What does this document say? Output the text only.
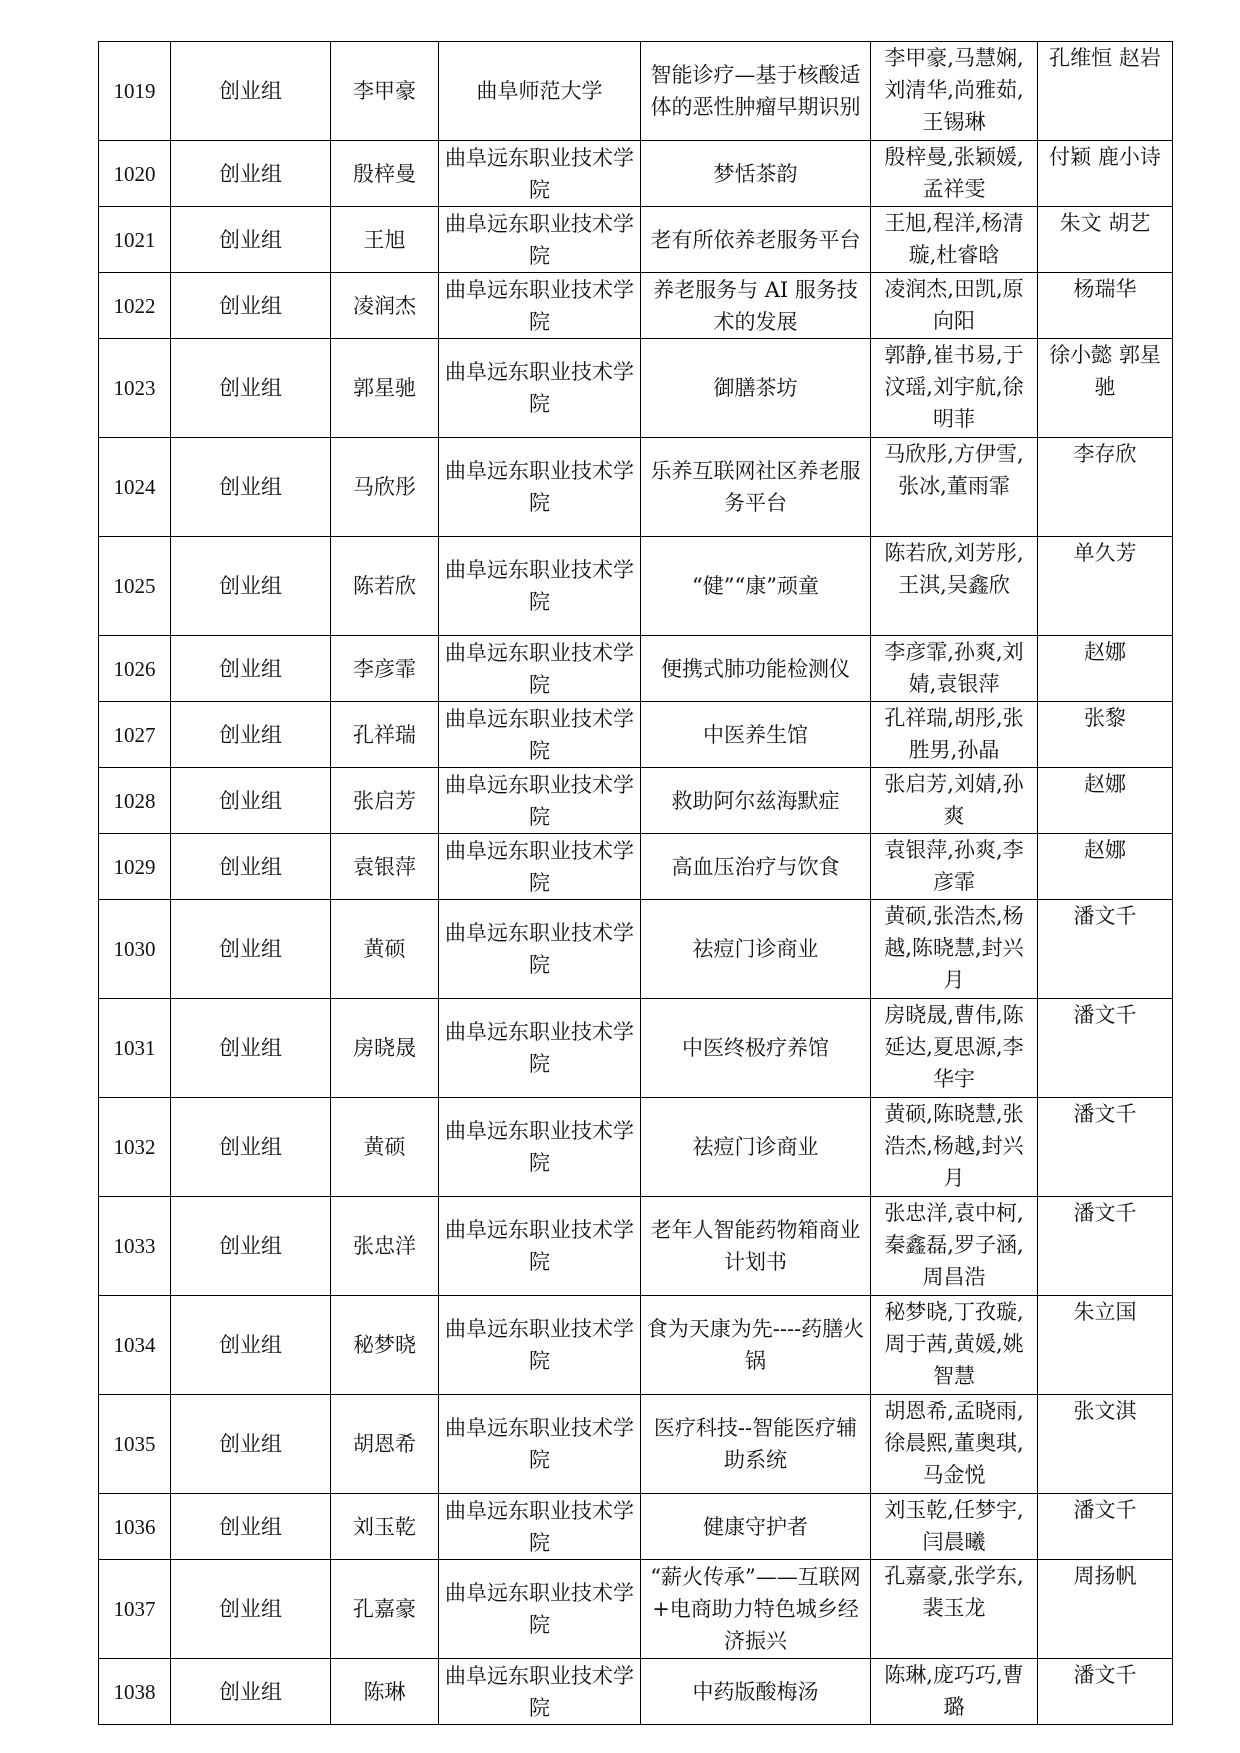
1019	创业组	李甲豪	曲阜师范大学	智能诊疗—基于核酸适体的恶性肿瘤早期识别	李甲豪,马慧娴,刘清华,尚雅茹,王锡琳	孔维恒 赵岩
1020	创业组	殷梓曼	曲阜远东职业技术学院	梦恬茶韵	殷梓曼,张颖媛,孟祥雯	付颖 鹿小诗
1021	创业组	王旭	曲阜远东职业技术学院	老有所依养老服务平台	王旭,程洋,杨清璇,杜睿晗	朱文 胡艺
1022	创业组	凌润杰	曲阜远东职业技术学院	养老服务与 AI 服务技术的发展	凌润杰,田凯,原向阳	杨瑞华
1023	创业组	郭星驰	曲阜远东职业技术学院	御膳茶坊	郭静,崔书易,于汶瑶,刘宇航,徐明菲	徐小懿 郭星驰
1024	创业组	马欣彤	曲阜远东职业技术学院	乐养互联网社区养老服务平台	马欣彤,方伊雪,张冰,董雨霏	李存欣
1025	创业组	陈若欣	曲阜远东职业技术学院	“健”“康”顽童	陈若欣,刘芳彤,王淇,吴鑫欣	单久芳
1026	创业组	李彦霏	曲阜远东职业技术学院	便携式肺功能检测仪	李彦霏,孙爽,刘婧,袁银萍	赵娜
1027	创业组	孔祥瑞	曲阜远东职业技术学院	中医养生馆	孔祥瑞,胡彤,张胜男,孙晶	张黎
1028	创业组	张启芳	曲阜远东职业技术学院	救助阿尔兹海默症	张启芳,刘婧,孙爽	赵娜
1029	创业组	袁银萍	曲阜远东职业技术学院	高血压治疗与饮食	袁银萍,孙爽,李彦霏	赵娜
1030	创业组	黄硕	曲阜远东职业技术学院	祛痘门诊商业	黄硕,张浩杰,杨越,陈晓慧,封兴月	潘文千
1031	创业组	房晓晟	曲阜远东职业技术学院	中医终极疗养馆	房晓晟,曹伟,陈延达,夏思源,李华宇	潘文千
1032	创业组	黄硕	曲阜远东职业技术学院	祛痘门诊商业	黄硕,陈晓慧,张浩杰,杨越,封兴月	潘文千
1033	创业组	张忠洋	曲阜远东职业技术学院	老年人智能药物箱商业计划书	张忠洋,袁中柯,秦鑫磊,罗子涵,周昌浩	潘文千
1034	创业组	秘梦晓	曲阜远东职业技术学院	食为天康为先----药膳火锅	秘梦晓,丁孜璇,周于茜,黄媛,姚智慧	朱立国
1035	创业组	胡恩希	曲阜远东职业技术学院	医疗科技--智能医疗辅助系统	胡恩希,孟晓雨,徐晨熙,董奥琪,马金悦	张文淇
1036	创业组	刘玉乾	曲阜远东职业技术学院	健康守护者	刘玉乾,任梦宇,闫晨曦	潘文千
1037	创业组	孔嘉豪	曲阜远东职业技术学院	“薪火传承”——互联网+电商助力特色城乡经济振兴	孔嘉豪,张学东,裴玉龙	周扬帆
1038	创业组	陈琳	曲阜远东职业技术学院	中药版酸梅汤	陈琳,庞巧巧,曹璐	潘文千
